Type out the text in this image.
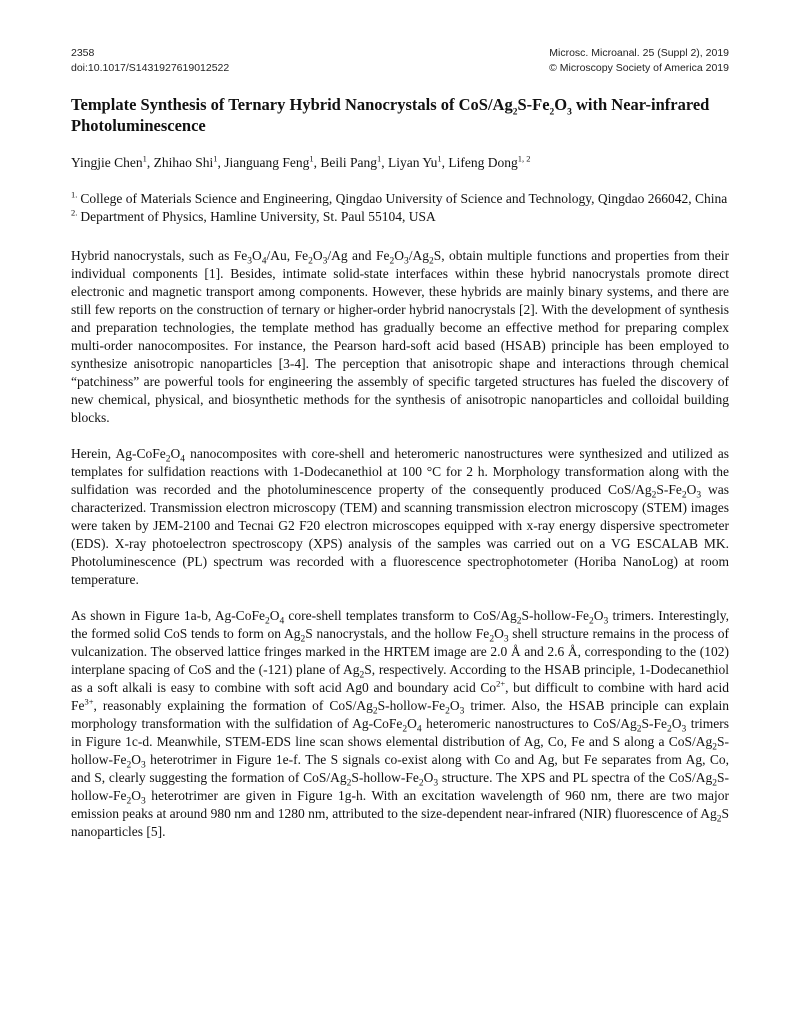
2358
doi:10.1017/S1431927619012522
Microsc. Microanal. 25 (Suppl 2), 2019
© Microscopy Society of America 2019
Template Synthesis of Ternary Hybrid Nanocrystals of CoS/$Ag_2S-Fe_2O_3$ with Near-infrared Photoluminescence
Yingjie Chen$^1$, Zhihao Shi$^1$, Jianguang Feng$^1$, Beili Pang$^1$, Liyan Yu$^1$, Lifeng Dong$^{1, 2}$
$^{1.}$ College of Materials Science and Engineering, Qingdao University of Science and Technology, Qingdao 266042, China
$^{2.}$ Department of Physics, Hamline University, St. Paul 55104, USA

Hybrid nanocrystals, such as $Fe_3O_4/Au$, $Fe_2O_3/Ag$ and $Fe_2O_3/Ag_2S$, obtain multiple functions and properties from their individual components [1]. Besides, intimate solid-state interfaces within these hybrid nanocrystals promote direct electronic and magnetic transport among components. However, these hybrids are mainly binary systems, and there are still few reports on the construction of ternary or higher-order hybrid nanocrystals [2]. With the development of synthesis and preparation technologies, the template method has gradually become an effective method for preparing complex multi-order nanocomposites. For instance, the Pearson hard-soft acid based (HSAB) principle has been employed to synthesize anisotropic nanoparticles [3-4]. The perception that anisotropic shape and interactions through chemical “patchiness” are powerful tools for engineering the assembly of specific targeted structures has fueled the discovery of new chemical, physical, and biosynthetic methods for the synthesis of anisotropic nanoparticles and colloidal building blocks.

Herein, $Ag-CoFe_2O_4$ nanocomposites with core-shell and heteromeric nanostructures were synthesized and utilized as templates for sulfidation reactions with 1-Dodecanethiol at 100 °C for 2 h. Morphology transformation along with the sulfidation was recorded and the photoluminescence property of the consequently produced CoS/$Ag_2S-Fe_2O_3$ was characterized. Transmission electron microscopy (TEM) and scanning transmission electron microscopy (STEM) images were taken by JEM-2100 and Tecnai G2 F20 electron microscopes equipped with x-ray energy dispersive spectrometer (EDS). X-ray photoelectron spectroscopy (XPS) analysis of the samples was carried out on a VG ESCALAB MK. Photoluminescence (PL) spectrum was recorded with a fluorescence spectrophotometer (Horiba NanoLog) at room temperature.

As shown in Figure 1a-b, $Ag-CoFe_2O_4$ core-shell templates transform to CoS/$Ag_2S-hollow-Fe_2O_3$ trimers. Interestingly, the formed solid CoS tends to form on $Ag_2S$ nanocrystals, and the hollow $Fe_2O_3$ shell structure remains in the process of vulcanization. The observed lattice fringes marked in the HRTEM image are 2.0 Å and 2.6 Å, corresponding to the (102) interplane spacing of CoS and the (-121) plane of $Ag_2S$, respectively. According to the HSAB principle, 1-Dodecanethiol as a soft alkali is easy to combine with soft acid Ag0 and boundary acid $Co^{2+}$, but difficult to combine with hard acid $Fe^{3+}$, reasonably explaining the formation of CoS/$Ag_2S-hollow-Fe_2O_3$ trimer. Also, the HSAB principle can explain morphology transformation with the sulfidation of $Ag-CoFe_2O_4$ heteromeric nanostructures to CoS/$Ag_2S-Fe_2O_3$ trimers in Figure 1c-d. Meanwhile, STEM-EDS line scan shows elemental distribution of Ag, Co, Fe and S along a CoS/$Ag_2S-hollow-Fe_2O_3$ heterotrimer in Figure 1e-f. The S signals co-exist along with Co and Ag, but Fe separates from Ag, Co, and S, clearly suggesting the formation of CoS/$Ag_2S-hollow-Fe_2O_3$ structure. The XPS and PL spectra of the CoS/$Ag_2S-hollow-Fe_2O_3$ heterotrimer are given in Figure 1g-h. With an excitation wavelength of 960 nm, there are two major emission peaks at around 980 nm and 1280 nm, attributed to the size-dependent near-infrared (NIR) fluorescence of $Ag_2S$ nanoparticles [5].
